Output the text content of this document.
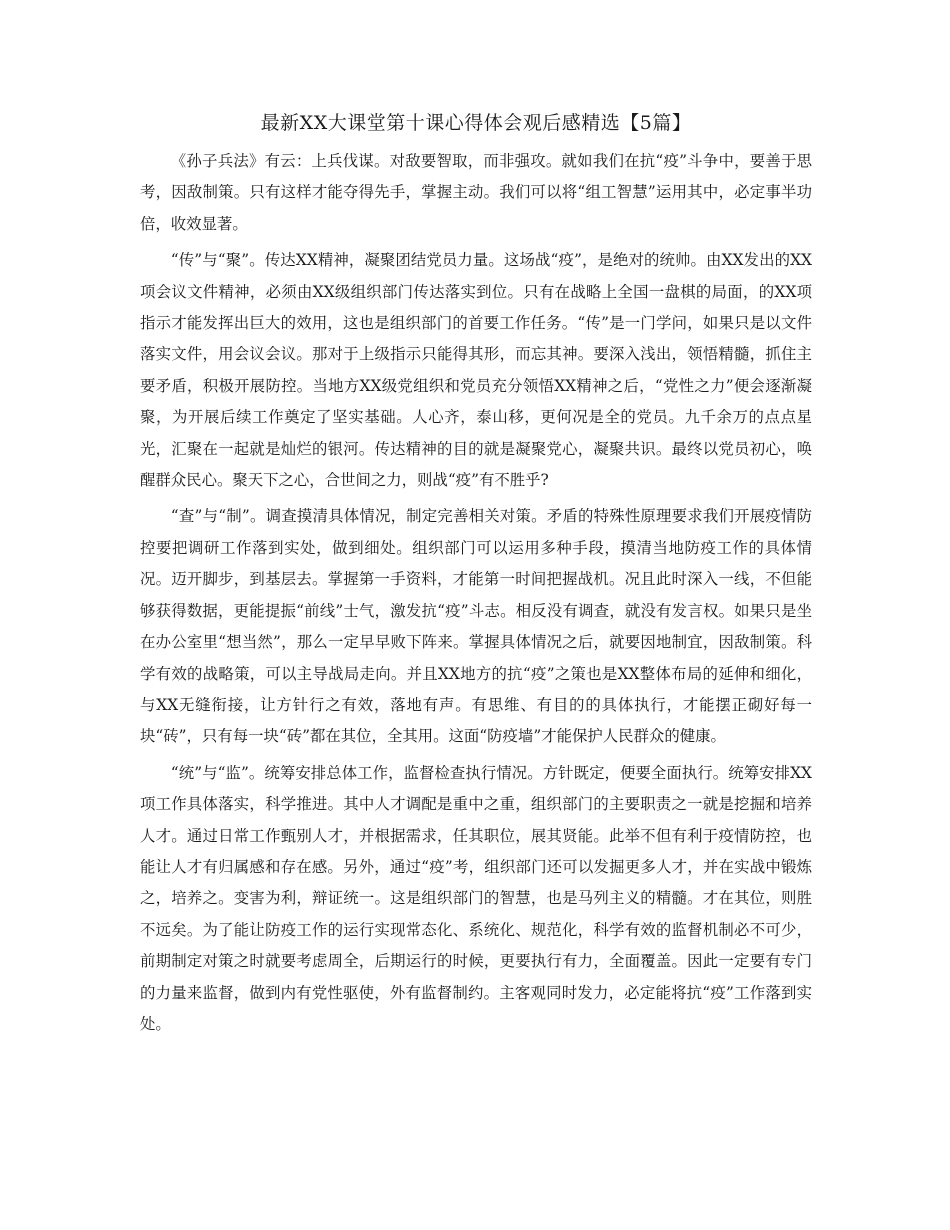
最新XX大课堂第十课心得体会观后感精选【5篇】

《孙子兵法》有云：上兵伐谋。对敌要智取，而非强攻。就如我们在抗“疫”斗争中，要善于思考，因敌制策。只有这样才能夺得先手，掌握主动。我们可以将“组工智慧”运用其中，必定事半功倍，收效显著。

“传”与“聚”。传达XX精神，凝聚团结党员力量。这场战“疫”，是绝对的统帅。由XX发出的XX项会议文件精神，必须由XX级组织部门传达落实到位。只有在战略上全国一盘棋的局面，的XX项指示才能发挥出巨大的效用，这也是组织部门的首要工作任务。“传”是一门学问，如果只是以文件落实文件，用会议会议。那对于上级指示只能得其形，而忘其神。要深入浅出，领悟精髓，抓住主要矛盾，积极开展防控。当地方XX级党组织和党员充分领悟XX精神之后，“党性之力”便会逐渐凝聚，为开展后续工作奠定了坚实基础。人心齐，泰山移，更何况是全的党员。九千余万的点点星光，汇聚在一起就是灿烂的银河。传达精神的目的就是凝聚党心，凝聚共识。最终以党员初心，唤醒群众民心。聚天下之心，合世间之力，则战“疫”有不胜乎?

“查”与“制”。调查摸清具体情况，制定完善相关对策。矛盾的特殊性原理要求我们开展疫情防控要把调研工作落到实处，做到细处。组织部门可以运用多种手段，摸清当地防疫工作的具体情况。迈开脚步，到基层去。掌握第一手资料，才能第一时间把握战机。况且此时深入一线，不但能够获得数据，更能提振“前线”士气，激发抗“疫”斗志。相反没有调查，就没有发言权。如果只是坐在办公室里“想当然”，那么一定早早败下阵来。掌握具体情况之后，就要因地制宜，因敌制策。科学有效的战略策，可以主导战局走向。并且XX地方的抗“疫”之策也是XX整体布局的延伸和细化，与XX无缝衔接，让方针行之有效，落地有声。有思维、有目的的具体执行，才能摆正砌好每一块“砖”，只有每一块“砖”都在其位，全其用。这面“防疫墙”才能保护人民群众的健康。

“统”与“监”。统筹安排总体工作，监督检查执行情况。方针既定，便要全面执行。统筹安排XX项工作具体落实，科学推进。其中人才调配是重中之重，组织部门的主要职责之一就是挖掘和培养人才。通过日常工作甄别人才，并根据需求，任其职位，展其贤能。此举不但有利于疫情防控，也能让人才有归属感和存在感。另外，通过“疫”考，组织部门还可以发掘更多人才，并在实战中锻炼之，培养之。变害为利，辩证统一。这是组织部门的智慧，也是马列主义的精髓。才在其位，则胜不远矣。为了能让防疫工作的运行实现常态化、系统化、规范化，科学有效的监督机制必不可少，前期制定对策之时就要考虑周全，后期运行的时候，更要执行有力，全面覆盖。因此一定要有专门的力量来监督，做到内有党性驱使，外有监督制约。主客观同时发力，必定能将抗“疫”工作落到实处。
